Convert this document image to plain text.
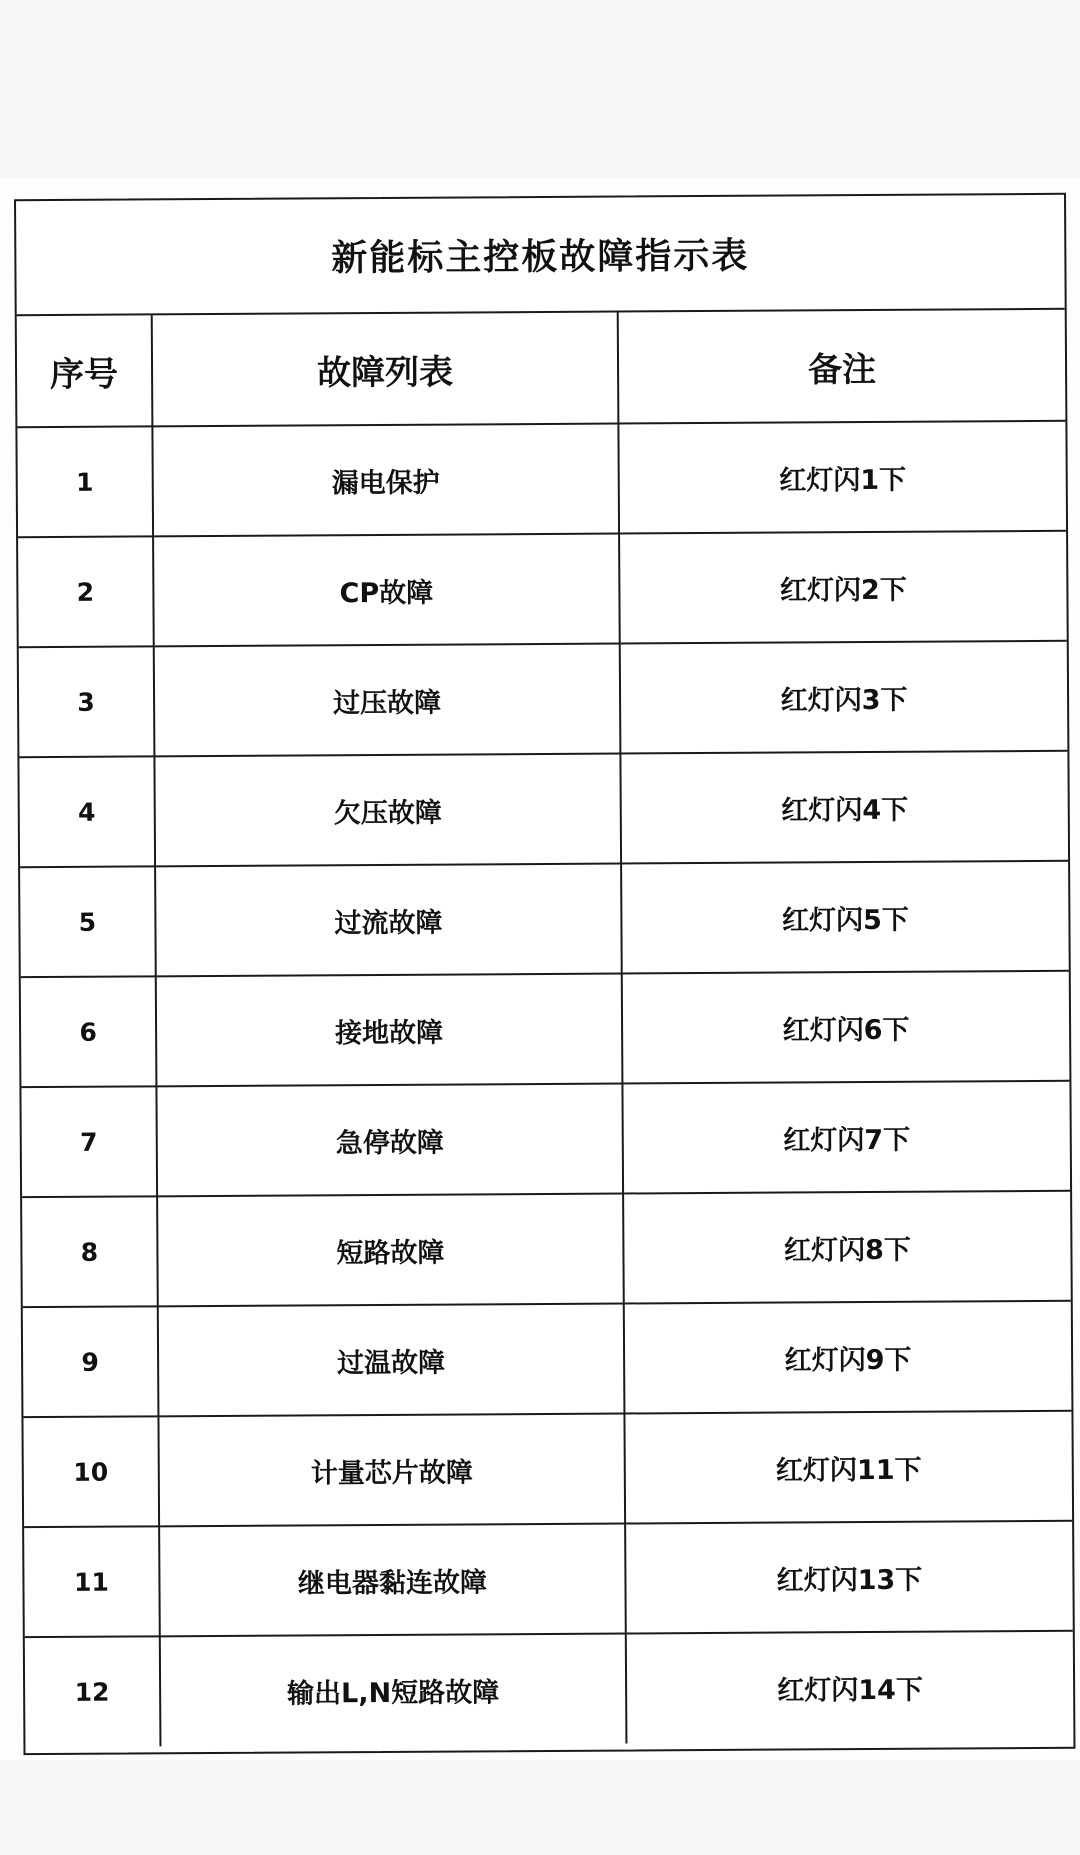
新能标主控板故障指示表
序号	故障列表	备注
1	漏电保护	红灯闪1下
2	CP故障	红灯闪2下
3	过压故障	红灯闪3下
4	欠压故障	红灯闪4下
5	过流故障	红灯闪5下
6	接地故障	红灯闪6下
7	急停故障	红灯闪7下
8	短路故障	红灯闪8下
9	过温故障	红灯闪9下
10	计量芯片故障	红灯闪11下
11	继电器黏连故障	红灯闪13下
12	输出L,N短路故障	红灯闪14下
